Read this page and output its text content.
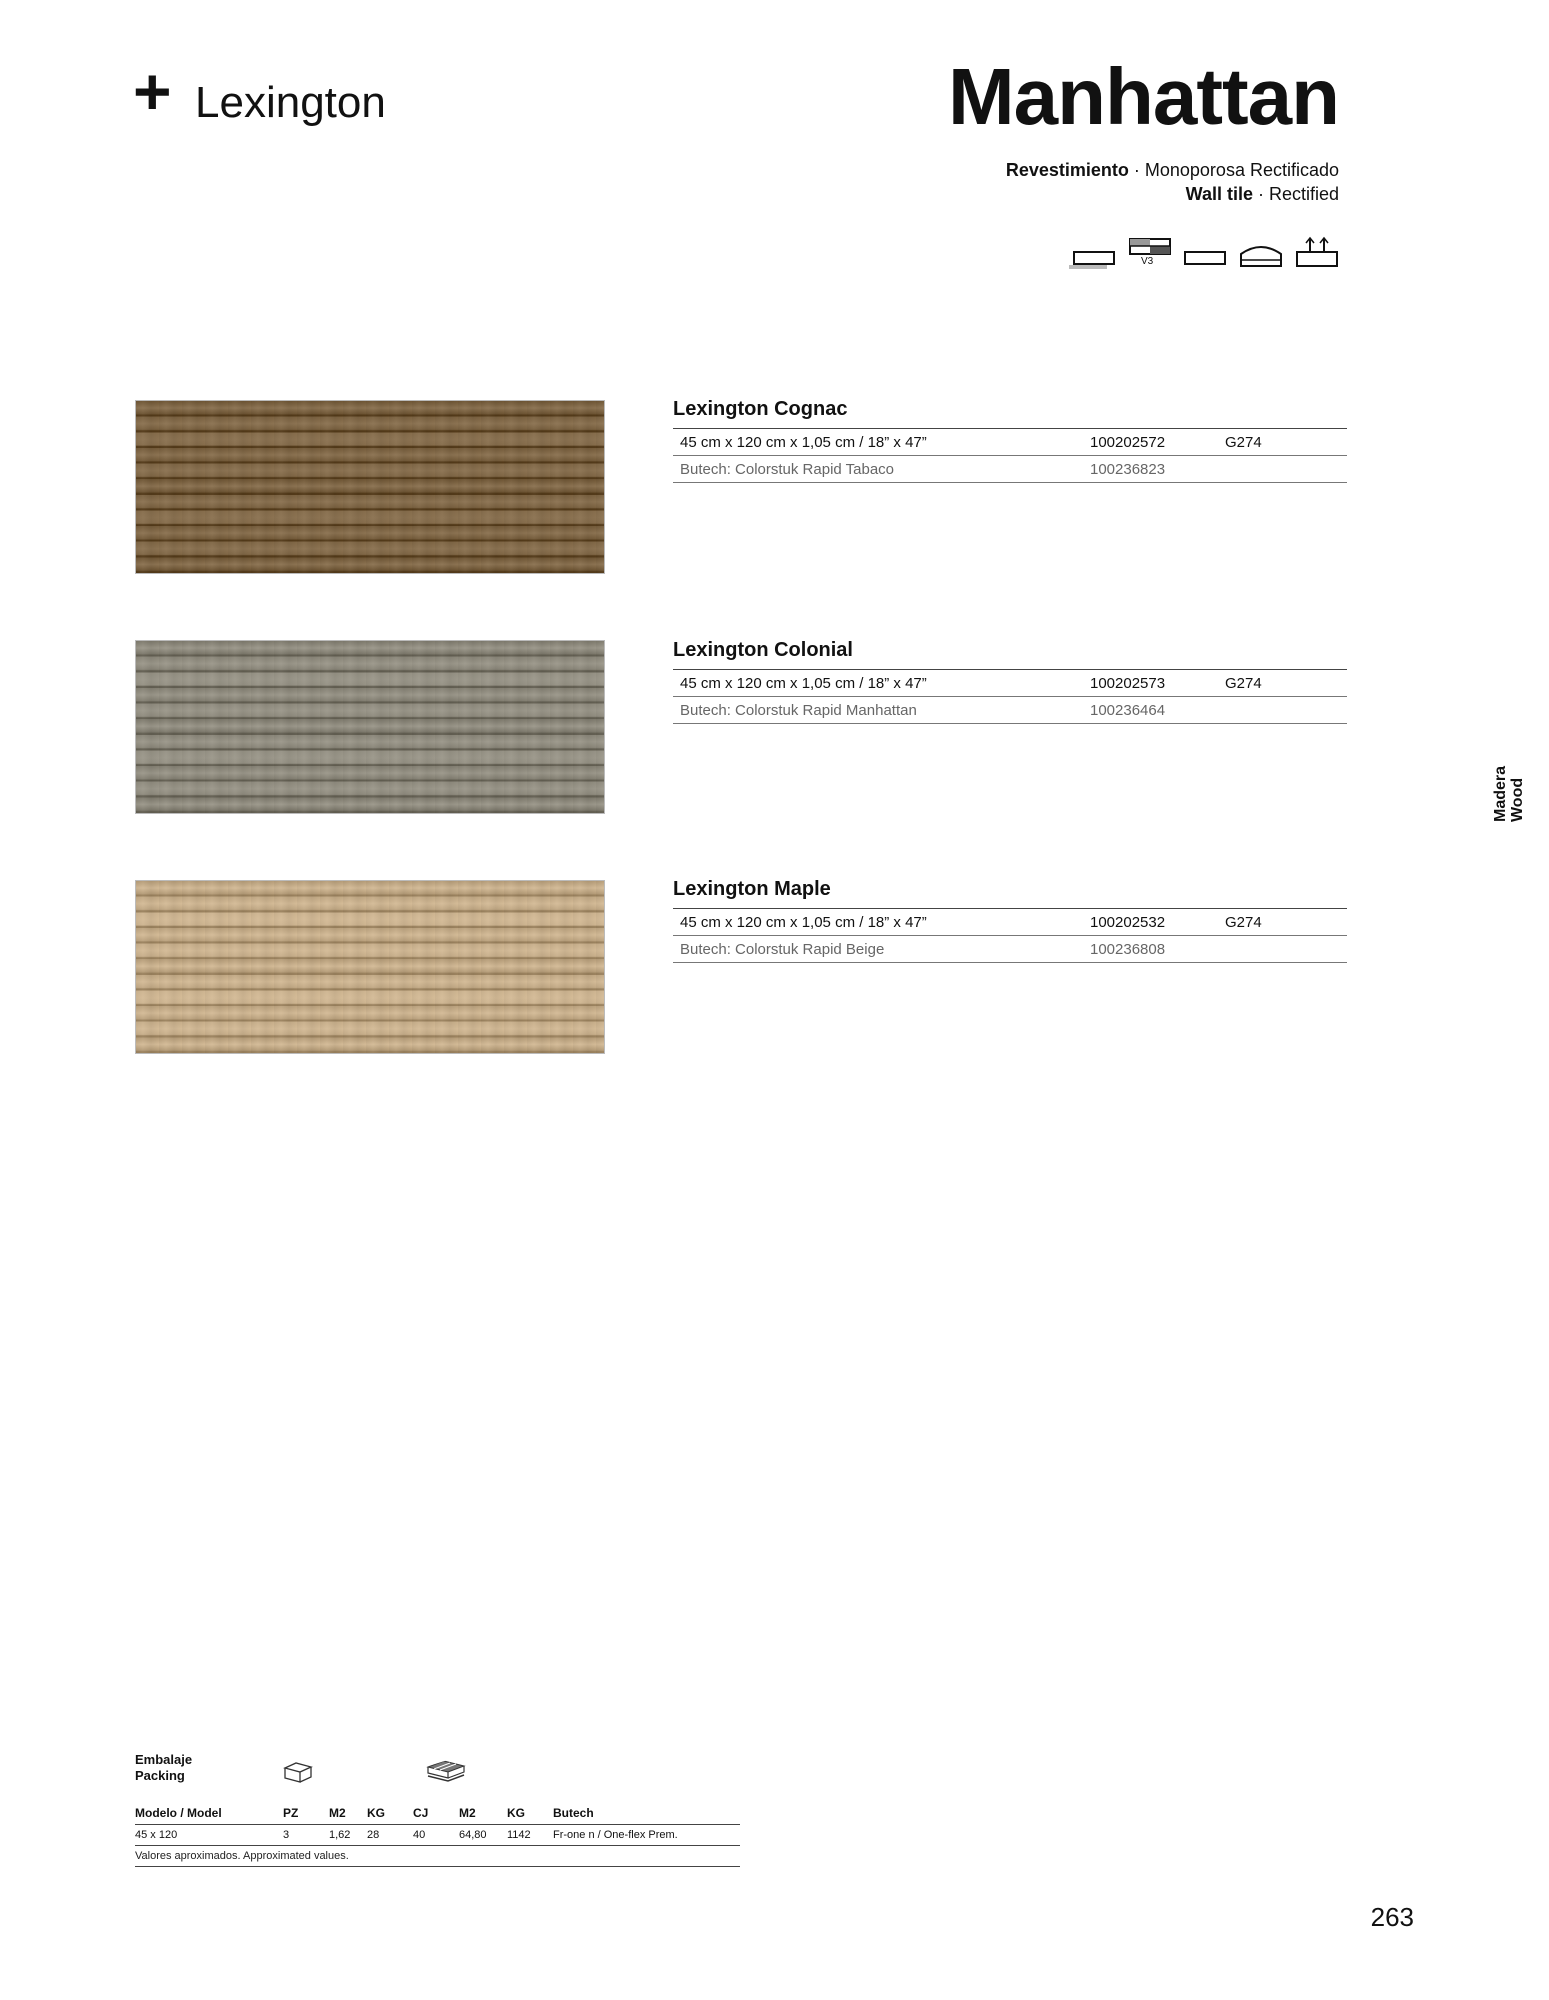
+ Lexington	Manhattan
Revestimiento · Monoporosa Rectificado
Wall tile · Rectified
V3
Lexington Cognac
45 cm x 120 cm x 1,05 cm / 18” x 47”	100202572	G274
Butech: Colorstuk Rapid Tabaco	100236823
Lexington Colonial
45 cm x 120 cm x 1,05 cm / 18” x 47”	100202573	G274
Butech: Colorstuk Rapid Manhattan	100236464
Lexington Maple
45 cm x 120 cm x 1,05 cm / 18” x 47”	100202532	G274
Butech: Colorstuk Rapid Beige	100236808
Madera
Wood
Embalaje
Packing
Modelo / Model	PZ	M2	KG	CJ	M2	KG	Butech
45 x 120	3	1,62	28	40	64,80	1142	Fr-one n / One-flex Prem.
Valores aproximados. Approximated values.
263
